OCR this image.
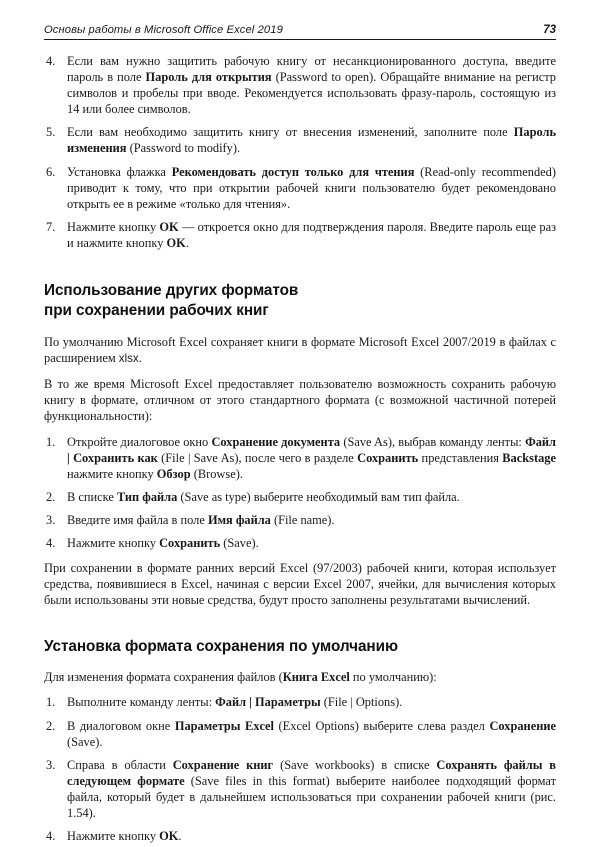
Основы работы в Microsoft Office Excel 2019	73
4. Если вам нужно защитить рабочую книгу от несанкционированного доступа, введите пароль в поле Пароль для открытия (Password to open). Обращайте внимание на регистр символов и пробелы при вводе. Рекомендуется использовать фразу-пароль, состоящую из 14 или более символов.
5. Если вам необходимо защитить книгу от внесения изменений, заполните поле Пароль изменения (Password to modify).
6. Установка флажка Рекомендовать доступ только для чтения (Read-only recommended) приводит к тому, что при открытии рабочей книги пользователю будет рекомендовано открыть ее в режиме «только для чтения».
7. Нажмите кнопку OK — откроется окно для подтверждения пароля. Введите пароль еще раз и нажмите кнопку OK.
Использование других форматов
при сохранении рабочих книг

По умолчанию Microsoft Excel сохраняет книги в формате Microsoft Excel 2007/2019 в файлах с расширением xlsx.

В то же время Microsoft Excel предоставляет пользователю возможность сохранить рабочую книгу в формате, отличном от этого стандартного формата (с возможной частичной потерей функциональности):

1. Откройте диалоговое окно Сохранение документа (Save As), выбрав команду ленты: Файл | Сохранить как (File | Save As), после чего в разделе Сохранить представления Backstage нажмите кнопку Обзор (Browse).
2. В списке Тип файла (Save as type) выберите необходимый вам тип файла.
3. Введите имя файла в поле Имя файла (File name).
4. Нажмите кнопку Сохранить (Save).

При сохранении в формате ранних версий Excel (97/2003) рабочей книги, которая использует средства, появившиеся в Excel, начиная с версии Excel 2007, ячейки, для вычисления которых были использованы эти новые средства, будут просто заполнены результатами вычислений.

Установка формата сохранения по умолчанию

Для изменения формата сохранения файлов (Книга Excel по умолчанию):

1. Выполните команду ленты: Файл | Параметры (File | Options).
2. В диалоговом окне Параметры Excel (Excel Options) выберите слева раздел Сохранение (Save).
3. Справа в области Сохранение книг (Save workbooks) в списке Сохранять файлы в следующем формате (Save files in this format) выберите наиболее подходящий формат файла, который будет в дальнейшем использоваться при сохранении рабочей книги (рис. 1.54).
4. Нажмите кнопку OK.
